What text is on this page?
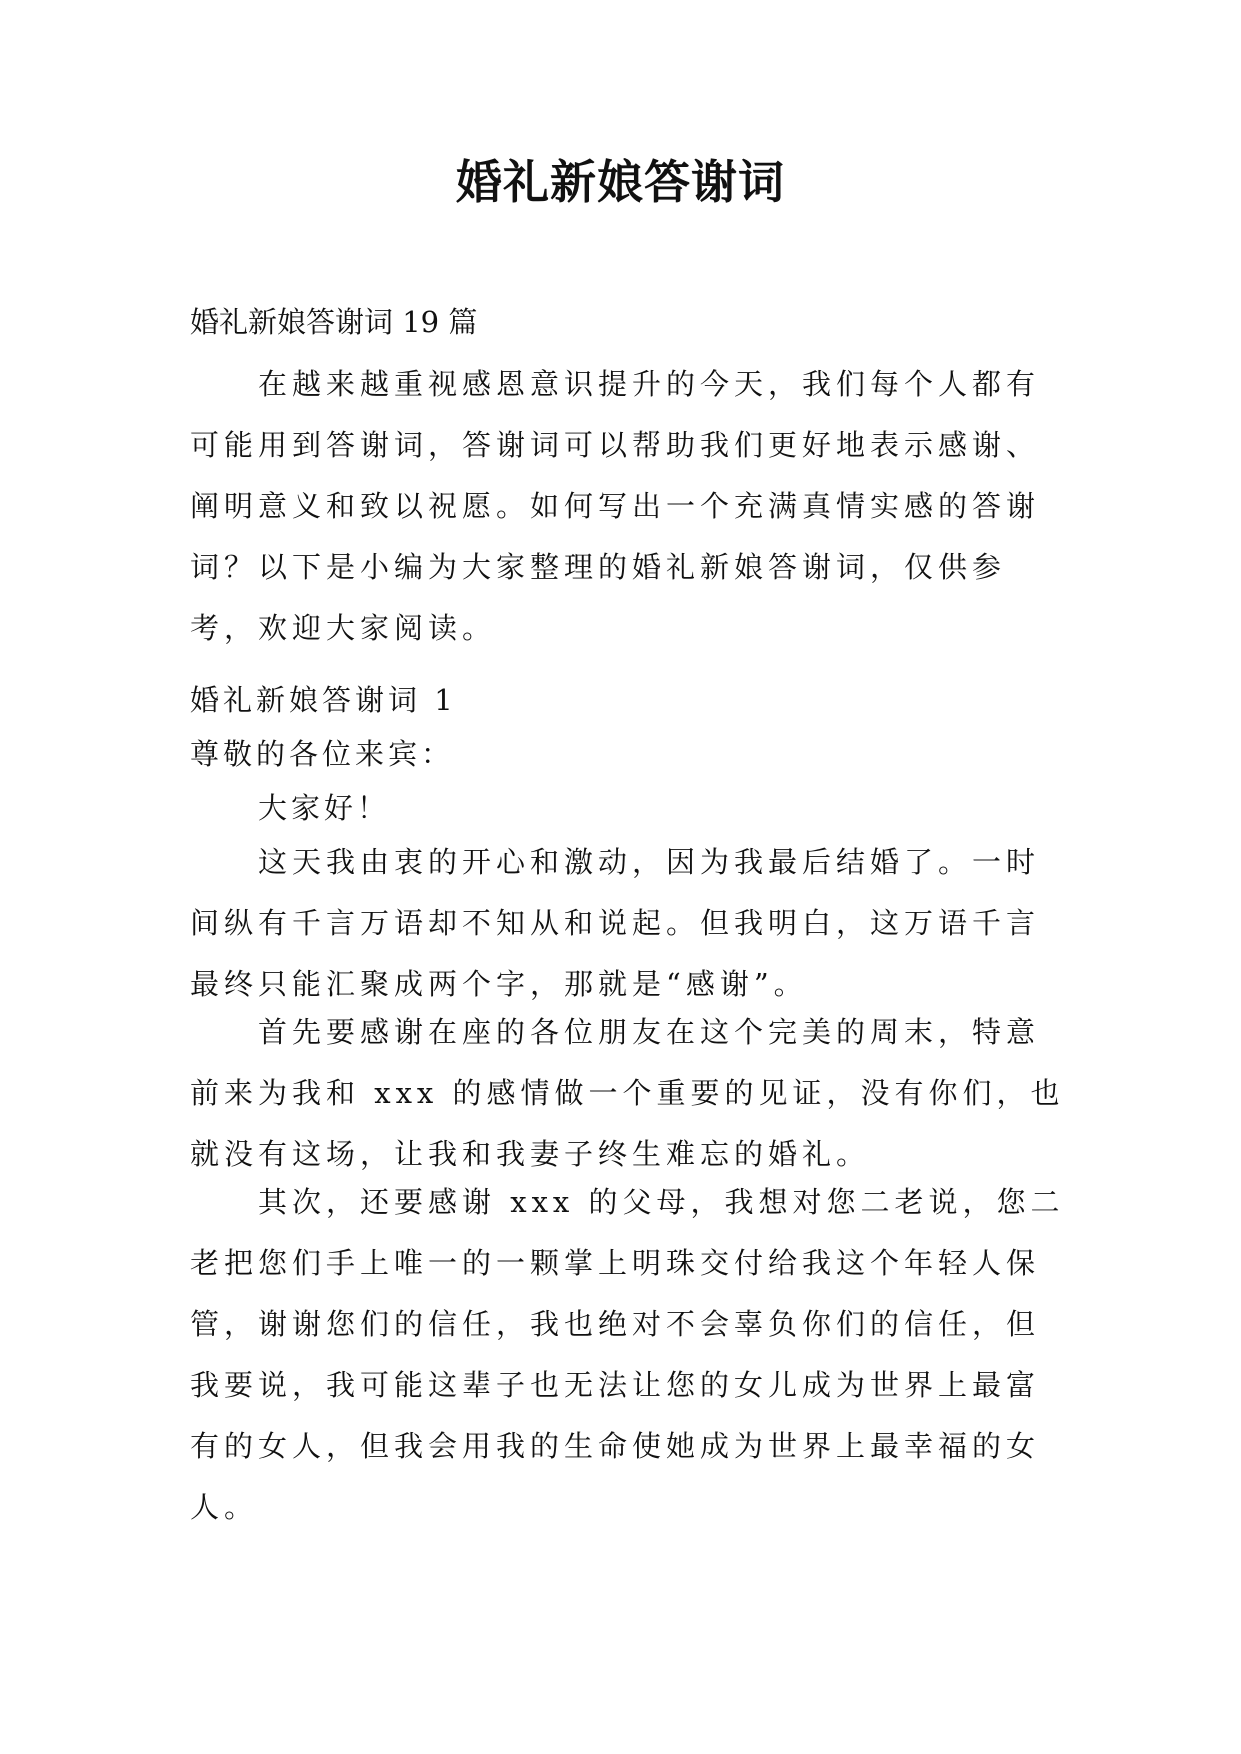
婚礼新娘答谢词

婚礼新娘答谢词 19 篇

在越来越重视感恩意识提升的今天，我们每个人都有可能用到答谢词，答谢词可以帮助我们更好地表示感谢、阐明意义和致以祝愿。如何写出一个充满真情实感的答谢词？以下是小编为大家整理的婚礼新娘答谢词，仅供参考，欢迎大家阅读。

婚礼新娘答谢词 1

尊敬的各位来宾：

大家好！

这天我由衷的开心和激动，因为我最后结婚了。一时间纵有千言万语却不知从和说起。但我明白，这万语千言最终只能汇聚成两个字，那就是“感谢”。

首先要感谢在座的各位朋友在这个完美的周末，特意前来为我和 xxx 的感情做一个重要的见证，没有你们，也就没有这场，让我和我妻子终生难忘的婚礼。

其次，还要感谢 xxx 的父母，我想对您二老说，您二老把您们手上唯一的一颗掌上明珠交付给我这个年轻人保管，谢谢您们的信任，我也绝对不会辜负你们的信任，但我要说，我可能这辈子也无法让您的女儿成为世界上最富有的女人，但我会用我的生命使她成为世界上最幸福的女人。
